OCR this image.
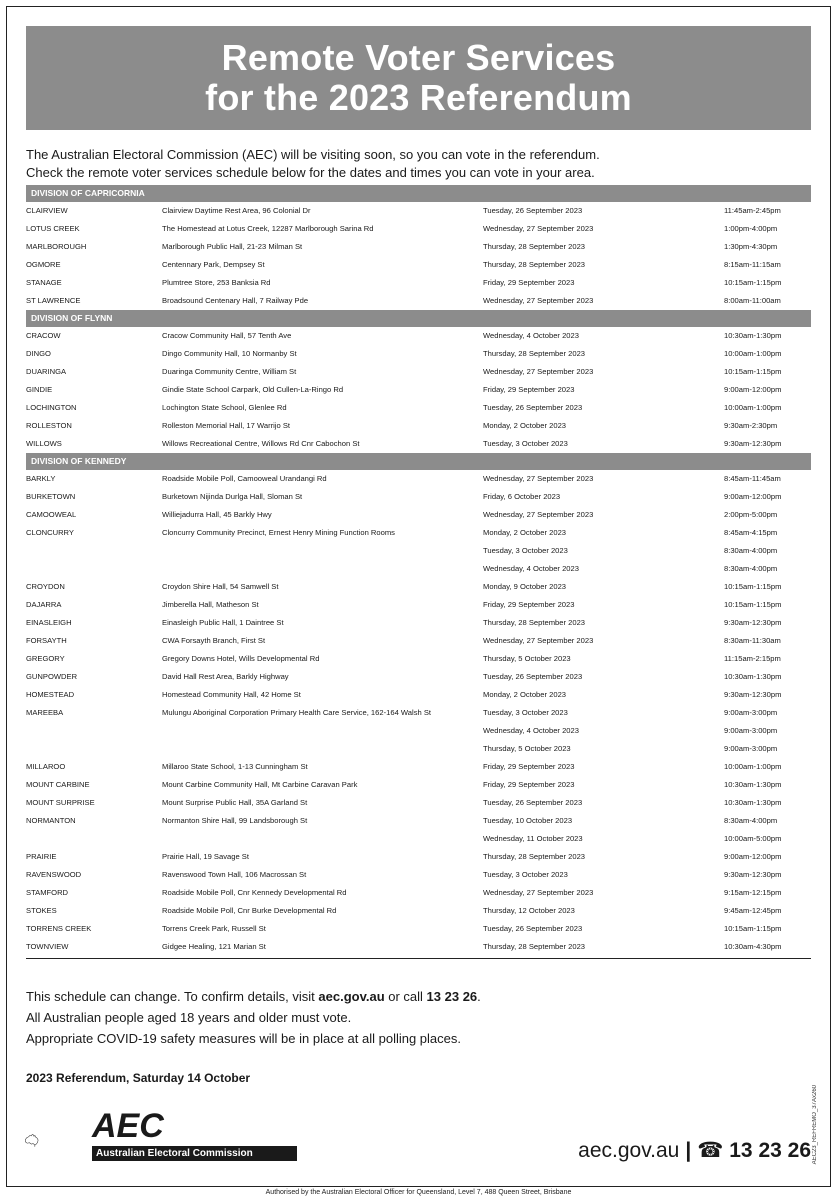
Remote Voter Services
for the 2023 Referendum
The Australian Electoral Commission (AEC) will be visiting soon, so you can vote in the referendum.
Check the remote voter services schedule below for the dates and times you can vote in your area.
DIVISION OF CAPRICORNIA
CLAIRVIEW	Clairview Daytime Rest Area, 96 Colonial Dr	Tuesday, 26 September 2023	11:45am-2:45pm
LOTUS CREEK	The Homestead at Lotus Creek, 12287 Marlborough Sarina Rd	Wednesday, 27 September 2023	1:00pm-4:00pm
MARLBOROUGH	Marlborough Public Hall, 21-23 Milman St	Thursday, 28 September 2023	1:30pm-4:30pm
OGMORE	Centennary Park, Dempsey St	Thursday, 28 September 2023	8:15am-11:15am
STANAGE	Plumtree Store, 253 Banksia Rd	Friday, 29 September 2023	10:15am-1:15pm
ST LAWRENCE	Broadsound Centenary Hall, 7 Railway Pde	Wednesday, 27 September 2023	8:00am-11:00am
DIVISION OF FLYNN
CRACOW	Cracow Community Hall, 57 Tenth Ave	Wednesday, 4 October 2023	10:30am-1:30pm
DINGO	Dingo Community Hall, 10 Normanby St	Thursday, 28 September 2023	10:00am-1:00pm
DUARINGA	Duaringa Community Centre, William St	Wednesday, 27 September 2023	10:15am-1:15pm
GINDIE	Gindie State School Carpark, Old Cullen-La-Ringo Rd	Friday, 29 September 2023	9:00am-12:00pm
LOCHINGTON	Lochington State School, Glenlee Rd	Tuesday, 26 September 2023	10:00am-1:00pm
ROLLESTON	Rolleston Memorial Hall, 17 Warrijo St	Monday, 2 October 2023	9:30am-2:30pm
WILLOWS	Willows Recreational Centre, Willows Rd Cnr Cabochon St	Tuesday, 3 October 2023	9:30am-12:30pm
DIVISION OF KENNEDY
BARKLY	Roadside Mobile Poll, Camooweal Urandangi Rd	Wednesday, 27 September 2023	8:45am-11:45am
BURKETOWN	Burketown Nijinda Durlga Hall, Sloman St	Friday, 6 October 2023	9:00am-12:00pm
CAMOOWEAL	Williejadurra Hall, 45 Barkly Hwy	Wednesday, 27 September 2023	2:00pm-5:00pm
CLONCURRY	Cloncurry Community Precinct, Ernest Henry Mining Function Rooms	Monday, 2 October 2023	8:45am-4:15pm
Tuesday, 3 October 2023	8:30am-4:00pm
Wednesday, 4 October 2023	8:30am-4:00pm
CROYDON	Croydon Shire Hall, 54 Samwell St	Monday, 9 October 2023	10:15am-1:15pm
DAJARRA	Jimberella Hall, Matheson St	Friday, 29 September 2023	10:15am-1:15pm
EINASLEIGH	Einasleigh Public Hall, 1 Daintree St	Thursday, 28 September 2023	9:30am-12:30pm
FORSAYTH	CWA Forsayth Branch, First St	Wednesday, 27 September 2023	8:30am-11:30am
GREGORY	Gregory Downs Hotel, Wills Developmental Rd	Thursday, 5 October 2023	11:15am-2:15pm
GUNPOWDER	David Hall Rest Area, Barkly Highway	Tuesday, 26 September 2023	10:30am-1:30pm
HOMESTEAD	Homestead Community Hall, 42 Home St	Monday, 2 October 2023	9:30am-12:30pm
MAREEBA	Mulungu Aboriginal Corporation Primary Health Care Service, 162-164 Walsh St	Tuesday, 3 October 2023	9:00am-3:00pm
Wednesday, 4 October 2023	9:00am-3:00pm
Thursday, 5 October 2023	9:00am-3:00pm
MILLAROO	Millaroo State School, 1-13 Cunningham St	Friday, 29 September 2023	10:00am-1:00pm
MOUNT CARBINE	Mount Carbine Community Hall, Mt Carbine Caravan Park	Friday, 29 September 2023	10:30am-1:30pm
MOUNT SURPRISE	Mount Surprise Public Hall, 35A Garland St	Tuesday, 26 September 2023	10:30am-1:30pm
NORMANTON	Normanton Shire Hall, 99 Landsborough St	Tuesday, 10 October 2023	8:30am-4:00pm
Wednesday, 11 October 2023	10:00am-5:00pm
PRAIRIE	Prairie Hall, 19 Savage St	Thursday, 28 September 2023	9:00am-12:00pm
RAVENSWOOD	Ravenswood Town Hall, 106 Macrossan St	Tuesday, 3 October 2023	9:30am-12:30pm
STAMFORD	Roadside Mobile Poll, Cnr Kennedy Developmental Rd	Wednesday, 27 September 2023	9:15am-12:15pm
STOKES	Roadside Mobile Poll, Cnr Burke Developmental Rd	Thursday, 12 October 2023	9:45am-12:45pm
TORRENS CREEK	Torrens Creek Park, Russell St	Tuesday, 26 September 2023	10:15am-1:15pm
TOWNVIEW	Gidgee Healing, 121 Marian St	Thursday, 28 September 2023	10:30am-4:30pm
This schedule can change. To confirm details, visit aec.gov.au or call 13 23 26.
All Australian people aged 18 years and older must vote.
Appropriate COVID-19 safety measures will be in place at all polling places.
2023 Referendum, Saturday 14 October
AEC
Australian Electoral Commission	aec.gov.au | ☎ 13 23 26 AEC23_REFREMO_37Ax260
Authorised by the Australian Electoral Officer for Queensland, Level 7, 488 Queen Street, Brisbane
